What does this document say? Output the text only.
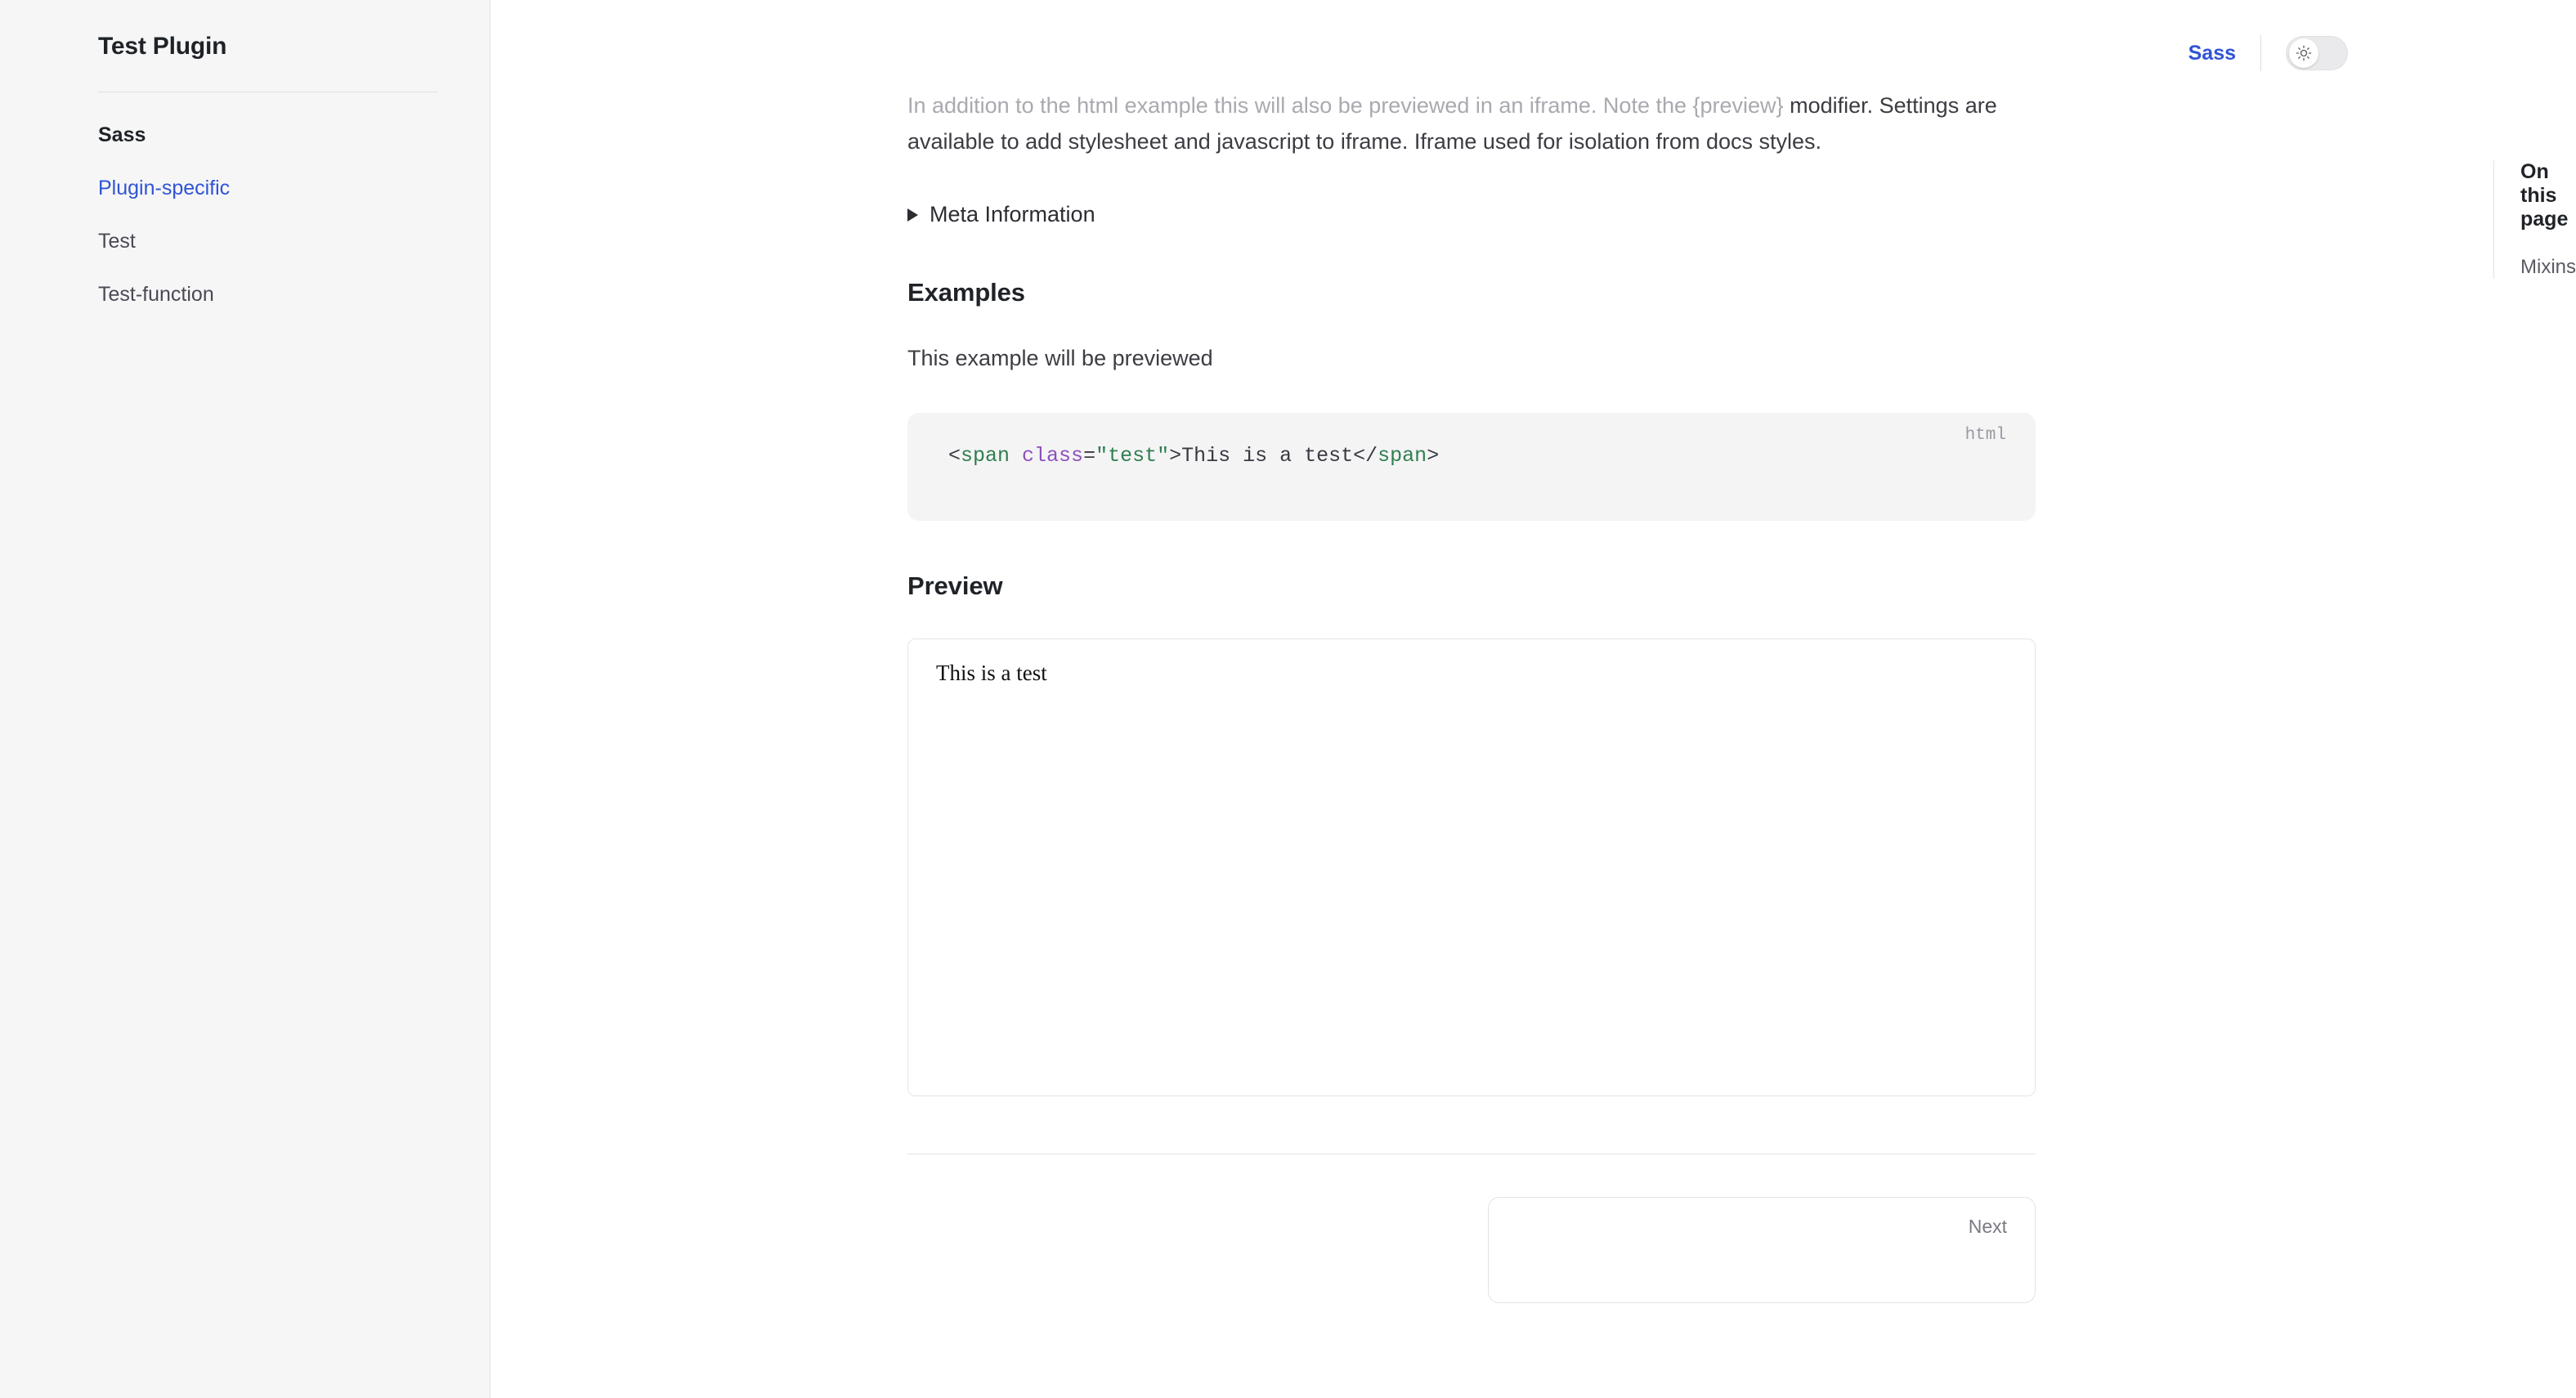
Test Plugin
Sass
Plugin-specific
Test
Test-function
Sass

In addition to the html example this will also be previewed in an iframe. Note the {preview} modifier. Settings are available to add stylesheet and javascript to iframe. Iframe used for isolation from docs styles.

Meta Information
Examples

This example will be previewed

html
<span class="test">This is a test</span>
Preview
This is a test
Next
On this page
Mixins
